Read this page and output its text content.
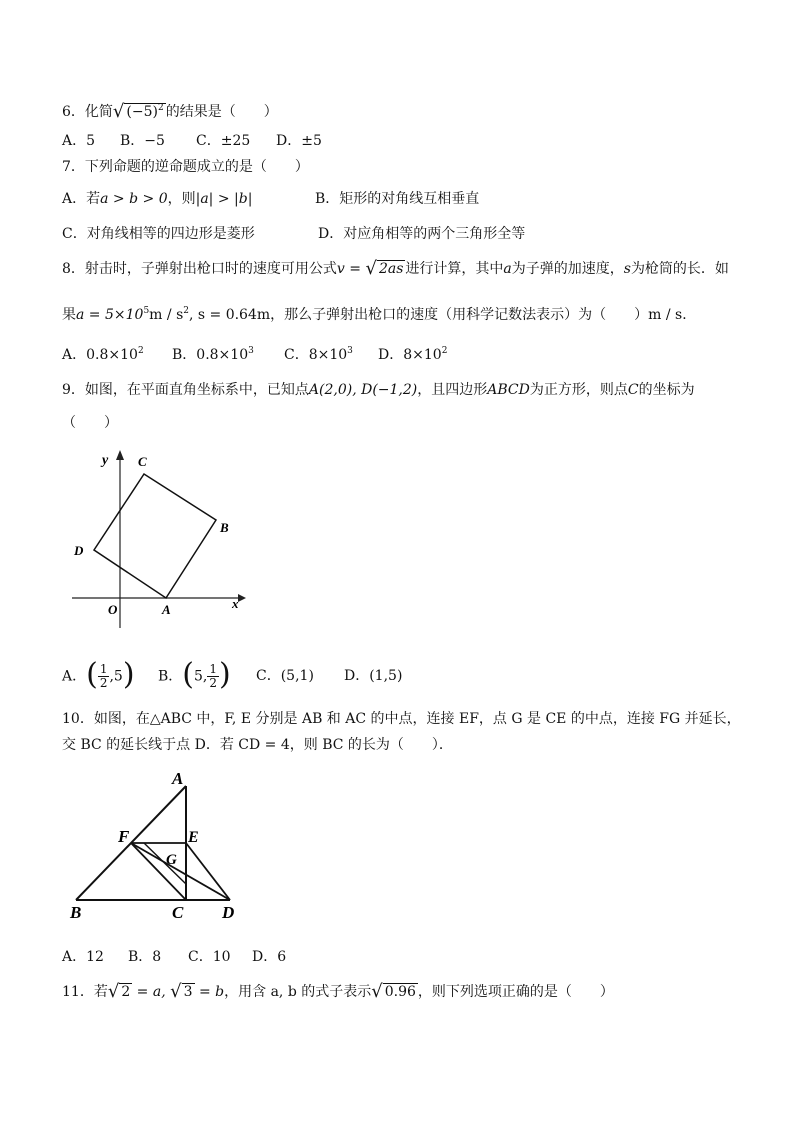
6．化简√ $(-5)^2$ 的结果是（　　）
A．5 B．−5 C．±25 D．±5
7．下列命题的逆命题成立的是（　　）
A．若a > b > 0，则|a| > |b|	B．矩形的对角线互相垂直
C．对角线相等的四边形是菱形	D．对应角相等的两个三角形全等
8．射击时，子弹射出枪口时的速度可用公式v = √ 2as 进行计算，其中a为子弹的加速度，s为枪筒的长．如
果$a = 5\times 10^5m / s^2$, s = 0.64m，那么子弹射出枪口的速度（用科学记数法表示）为（　　）m / s．
A．$0.8\times 10^2$ B．$0.8\times 10^3$ C．$8\times 10^3$ D．$8\times 10^2$
9．如图，在平面直角坐标系中，已知点A(2,0), D(−1,2)，且四边形ABCD为正方形，则点C的坐标为
（　　）
y
x
O	A
B
C
D
A．( $\frac{1}{2} ,5$) B．(5, $\frac{1}{2}$ ) C．(5,1) D．(1,5)
10．如图，在△ABC 中，F, E 分别是 AB 和 AC 的中点，连接 EF，点 G 是 CE 的中点，连接 FG 并延长，
交 BC 的延长线于点 D．若 CD = 4，则 BC 的长为（　　）．
A
B	C D
E
F
G
A．12 B．8 C．10 D．6
11．若√ 2 = a, √ 3 = b，用含 a, b 的式子表示√ 0.96 ，则下列选项正确的是（　　）
